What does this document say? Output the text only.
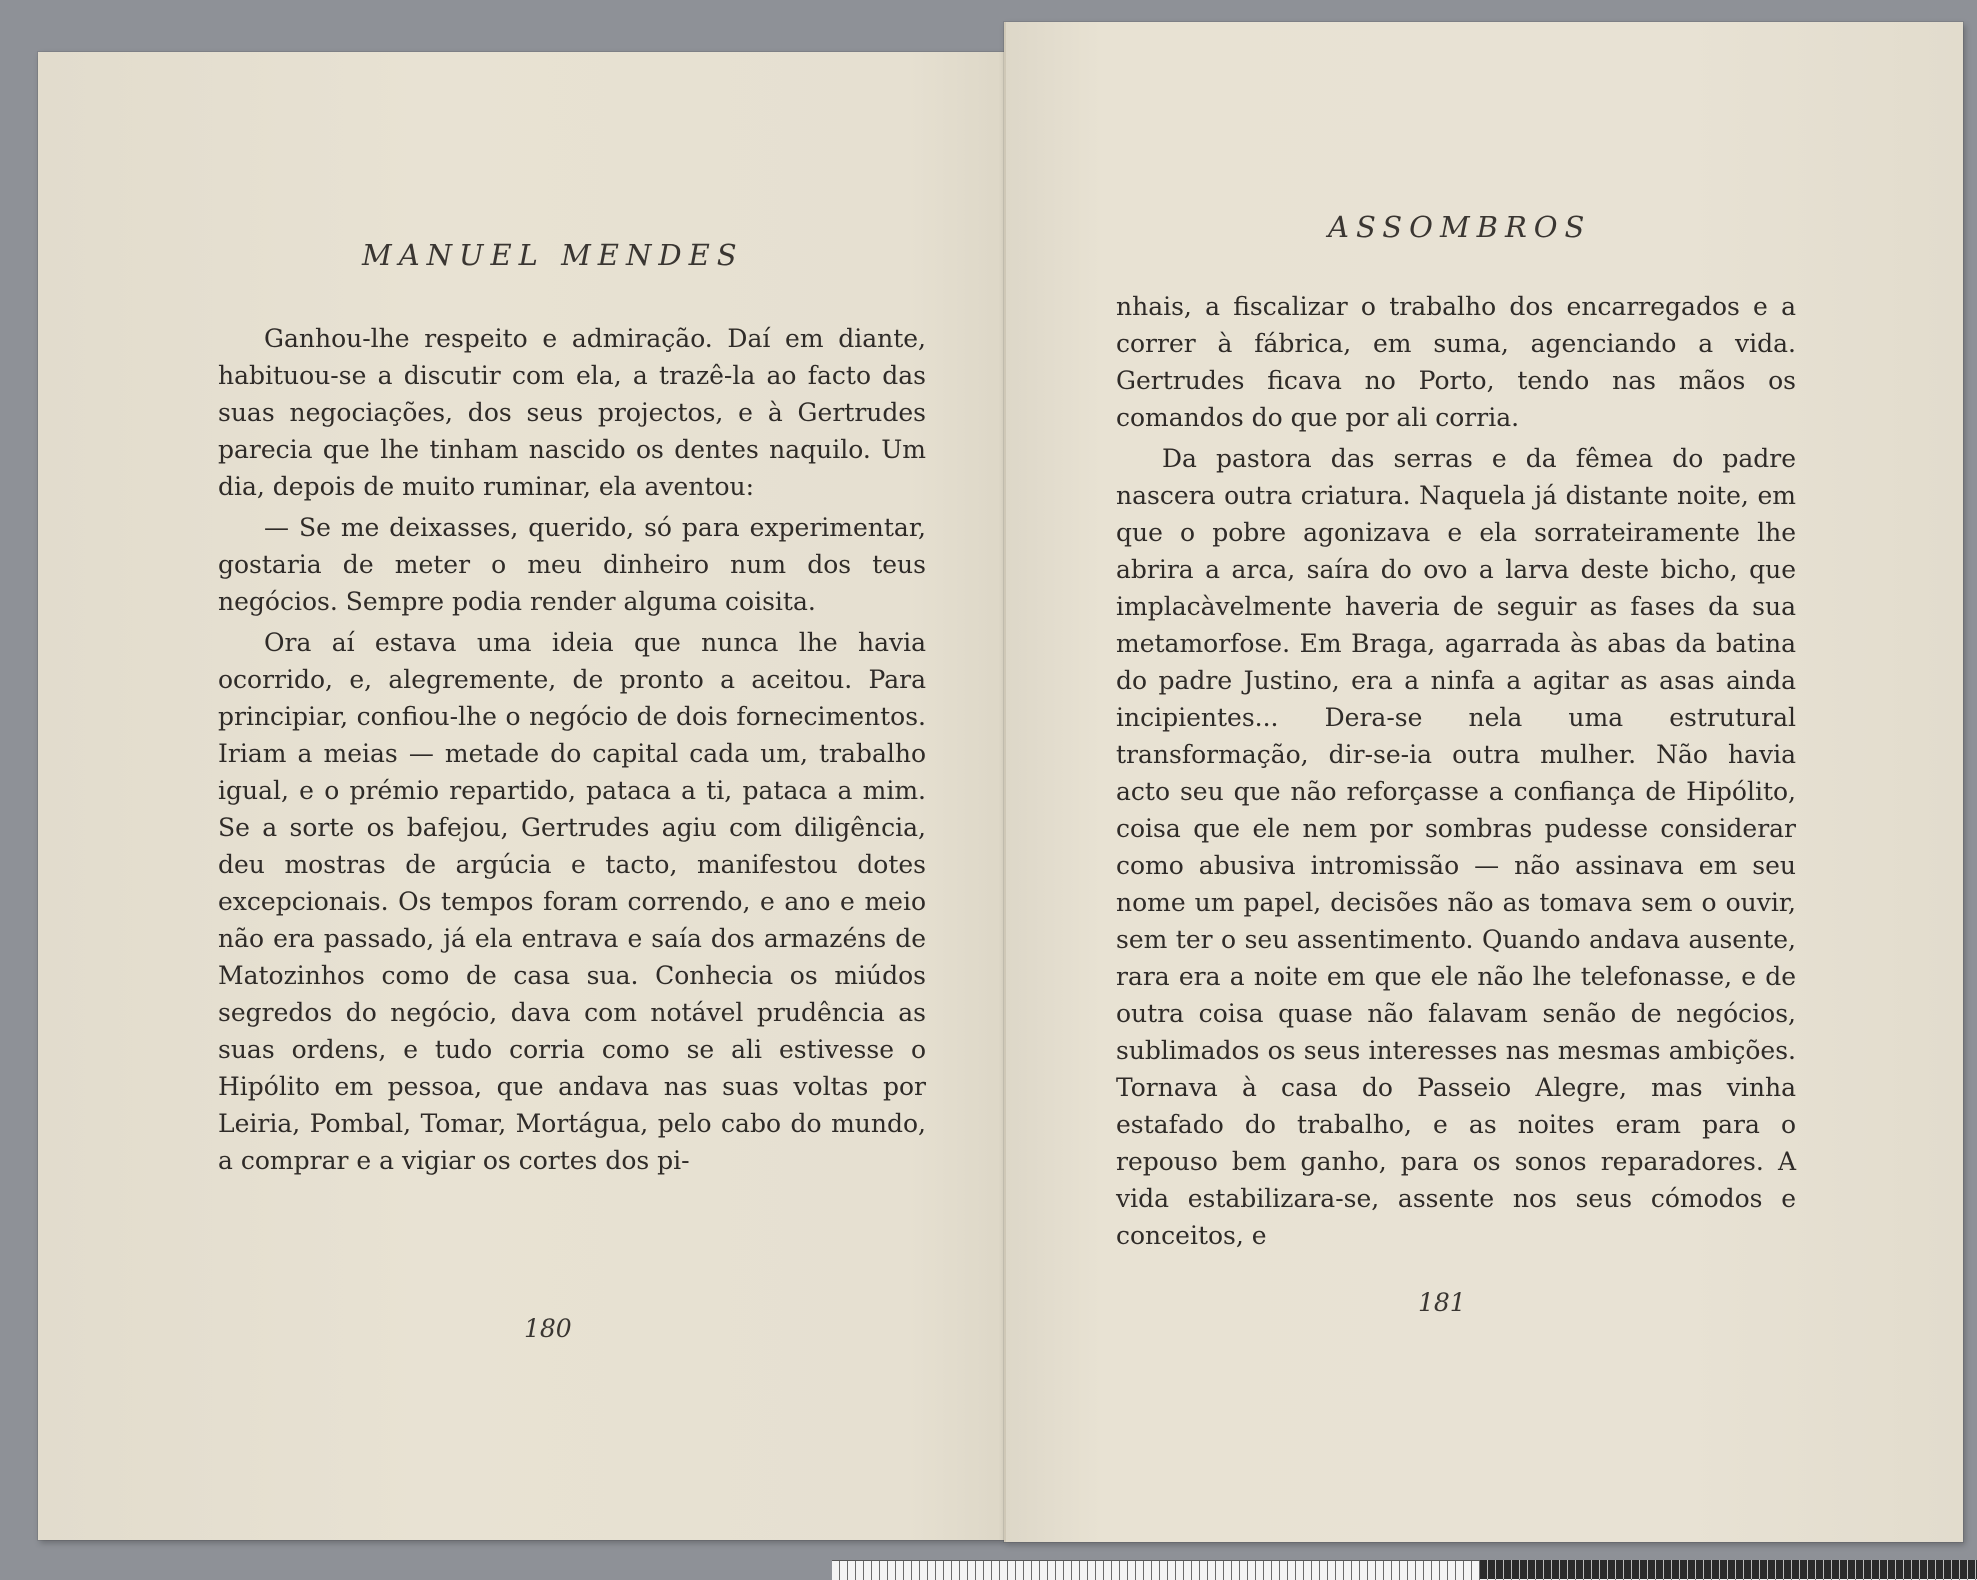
MANUEL MENDES

Ganhou-lhe respeito e admiração. Daí em diante, habituou-se a discutir com ela, a trazê-la ao facto das suas negociações, dos seus projectos, e à Gertrudes parecia que lhe tinham nascido os dentes naquilo. Um dia, depois de muito ruminar, ela aventou:

— Se me deixasses, querido, só para experimentar, gostaria de meter o meu dinheiro num dos teus negócios. Sempre podia render alguma coisita.

Ora aí estava uma ideia que nunca lhe havia ocorrido, e, alegremente, de pronto a aceitou. Para principiar, confiou-lhe o negócio de dois fornecimentos. Iriam a meias — metade do capital cada um, trabalho igual, e o prémio repartido, pataca a ti, pataca a mim. Se a sorte os bafejou, Gertrudes agiu com diligência, deu mostras de argúcia e tacto, manifestou dotes excepcionais. Os tempos foram correndo, e ano e meio não era passado, já ela entrava e saía dos armazéns de Matozinhos como de casa sua. Conhecia os miúdos segredos do negócio, dava com notável prudência as suas ordens, e tudo corria como se ali estivesse o Hipólito em pessoa, que andava nas suas voltas por Leiria, Pombal, Tomar, Mortágua, pelo cabo do mundo, a comprar e a vigiar os cortes dos pi-

180
ASSOMBROS

nhais, a fiscalizar o trabalho dos encarregados e a correr à fábrica, em suma, agenciando a vida. Gertrudes ficava no Porto, tendo nas mãos os comandos do que por ali corria.

Da pastora das serras e da fêmea do padre nascera outra criatura. Naquela já distante noite, em que o pobre agonizava e ela sorrateiramente lhe abrira a arca, saíra do ovo a larva deste bicho, que implacàvelmente haveria de seguir as fases da sua metamorfose. Em Braga, agarrada às abas da batina do padre Justino, era a ninfa a agitar as asas ainda incipientes... Dera-se nela uma estrutural transformação, dir-se-ia outra mulher. Não havia acto seu que não reforçasse a confiança de Hipólito, coisa que ele nem por sombras pudesse considerar como abusiva intromissão — não assinava em seu nome um papel, decisões não as tomava sem o ouvir, sem ter o seu assentimento. Quando andava ausente, rara era a noite em que ele não lhe telefonasse, e de outra coisa quase não falavam senão de negócios, sublimados os seus interesses nas mesmas ambições. Tornava à casa do Passeio Alegre, mas vinha estafado do trabalho, e as noites eram para o repouso bem ganho, para os sonos reparadores. A vida estabilizara-se, assente nos seus cómodos e conceitos, e

181
